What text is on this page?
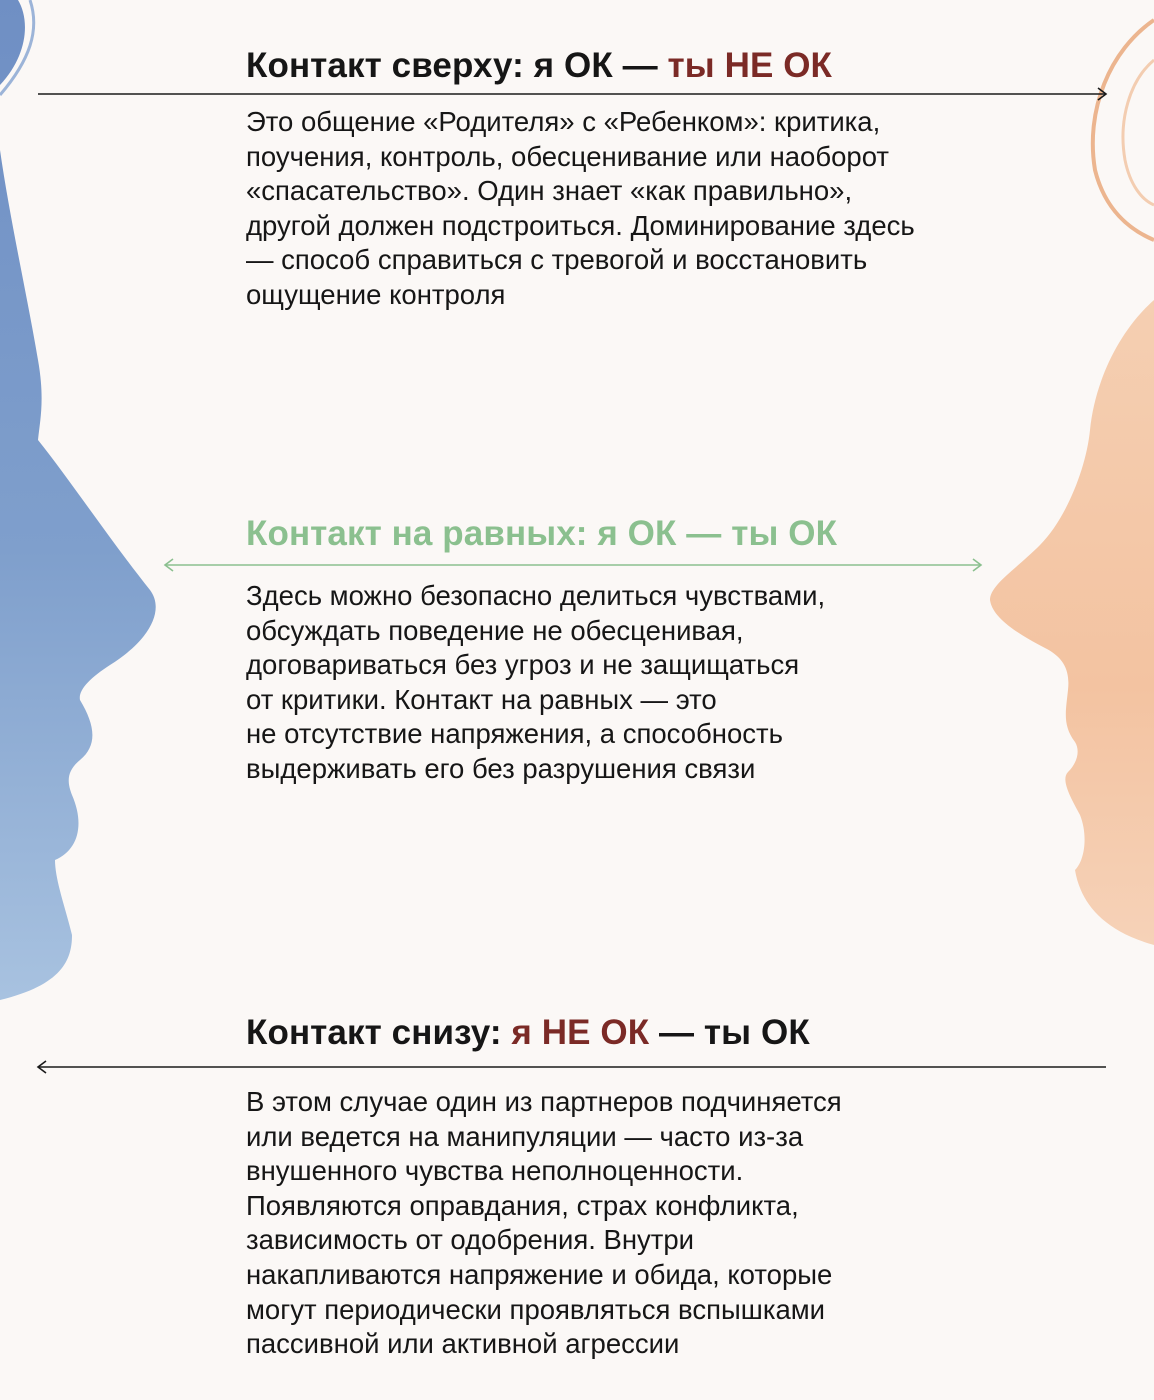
Контакт сверху: я ОК — ты НЕ ОК
Это общение «Родителя» с «Ребенком»: критика,
поучения, контроль, обесценивание или наоборот
«спасательство». Один знает «как правильно»,
другой должен подстроиться. Доминирование здесь
— способ справиться с тревогой и восстановить
ощущение контроля
Контакт на равных: я ОК — ты ОК
Здесь можно безопасно делиться чувствами,
обсуждать поведение не обесценивая,
договариваться без угроз и не защищаться
от критики. Контакт на равных — это
не отсутствие напряжения, а способность
выдерживать его без разрушения связи
Контакт снизу: я НЕ ОК — ты ОК
В этом случае один из партнеров подчиняется
или ведется на манипуляции — часто из-за
внушенного чувства неполноценности.
Появляются оправдания, страх конфликта,
зависимость от одобрения. Внутри
накапливаются напряжение и обида, которые
могут периодически проявляться вспышками
пассивной или активной агрессии
